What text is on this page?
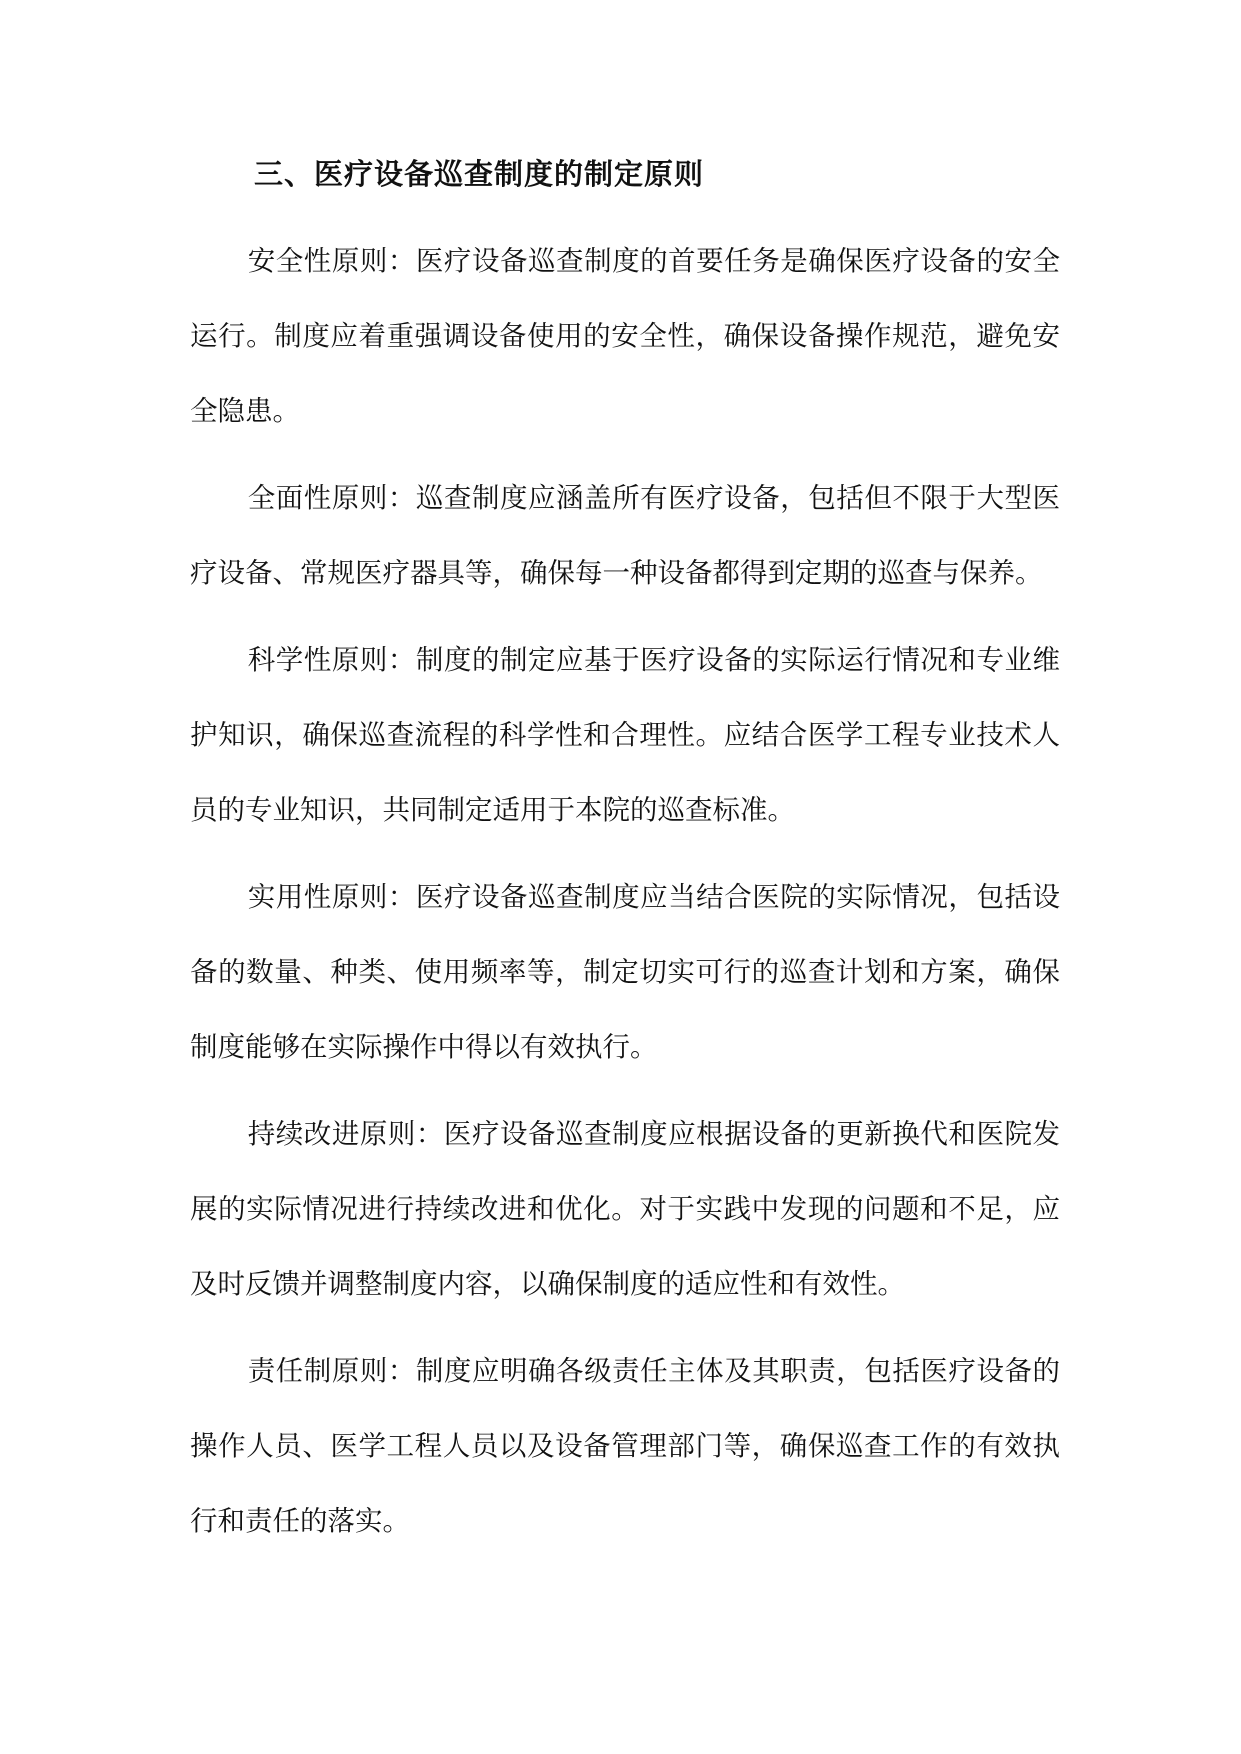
三、医疗设备巡查制度的制定原则

安全性原则：医疗设备巡查制度的首要任务是确保医疗设备的安全运行。制度应着重强调设备使用的安全性，确保设备操作规范，避免安全隐患。

全面性原则：巡查制度应涵盖所有医疗设备，包括但不限于大型医疗设备、常规医疗器具等，确保每一种设备都得到定期的巡查与保养。

科学性原则：制度的制定应基于医疗设备的实际运行情况和专业维护知识，确保巡查流程的科学性和合理性。应结合医学工程专业技术人员的专业知识，共同制定适用于本院的巡查标准。

实用性原则：医疗设备巡查制度应当结合医院的实际情况，包括设备的数量、种类、使用频率等，制定切实可行的巡查计划和方案，确保制度能够在实际操作中得以有效执行。

持续改进原则：医疗设备巡查制度应根据设备的更新换代和医院发展的实际情况进行持续改进和优化。对于实践中发现的问题和不足，应及时反馈并调整制度内容，以确保制度的适应性和有效性。

责任制原则：制度应明确各级责任主体及其职责，包括医疗设备的操作人员、医学工程人员以及设备管理部门等，确保巡查工作的有效执行和责任的落实。
